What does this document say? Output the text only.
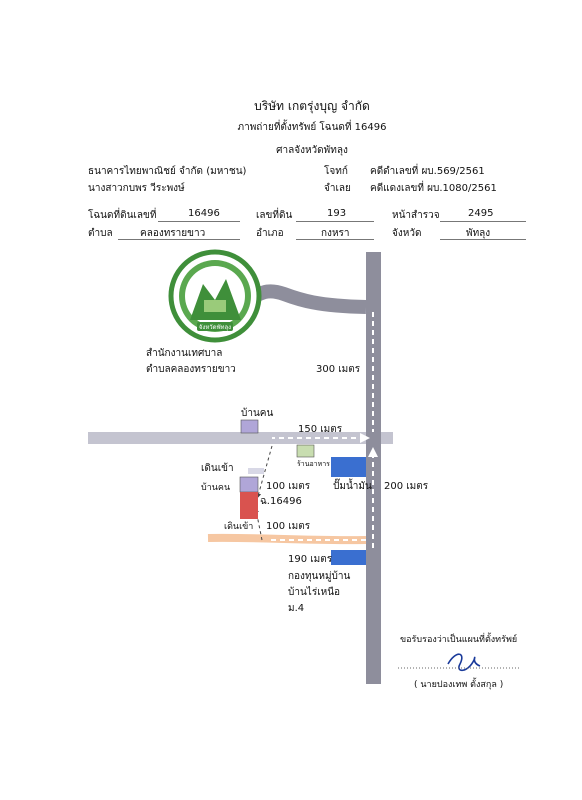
บริษัท เกตรุ่งบุญ จำกัด
ภาพถ่ายที่ตั้งทรัพย์ โฉนดที่ 16496
ศาลจังหวัดพัทลุง
ธนาคารไทยพาณิชย์ จำกัด (มหาชน)	โจทก์ คดีดำเลขที่ ผบ.569/2561
นางสาวกบพร วีระพงษ์	จำเลย คดีแดงเลขที่ ผบ.1080/2561
โฉนดที่ดินเลขที่	16496	เลขที่ดิน	193	หน้าสำรวจ	2495
ตำบล	คลองทรายขาว	อำเภอ	กงหรา	จังหวัด	พัทลุง
จังหวัดพัทลุง
สำนักงานเทศบาล
ตำบลคลองทรายขาว	300 เมตร
บ้านคน
150 เมตร
ร้านอาหาร
เดินเข้า
บ้านคน	100 เมตร
ฉ.16496
ปั๊มน้ำมัน 200 เมตร
เดินเข้า 100 เมตร
190 เมตร
กองทุนหมู่บ้าน
บ้านไร่เหนือ
ม.4
ขอรับรองว่าเป็นแผนที่ตั้งทรัพย์
( นายปองเทพ ตั้งสกุล )
